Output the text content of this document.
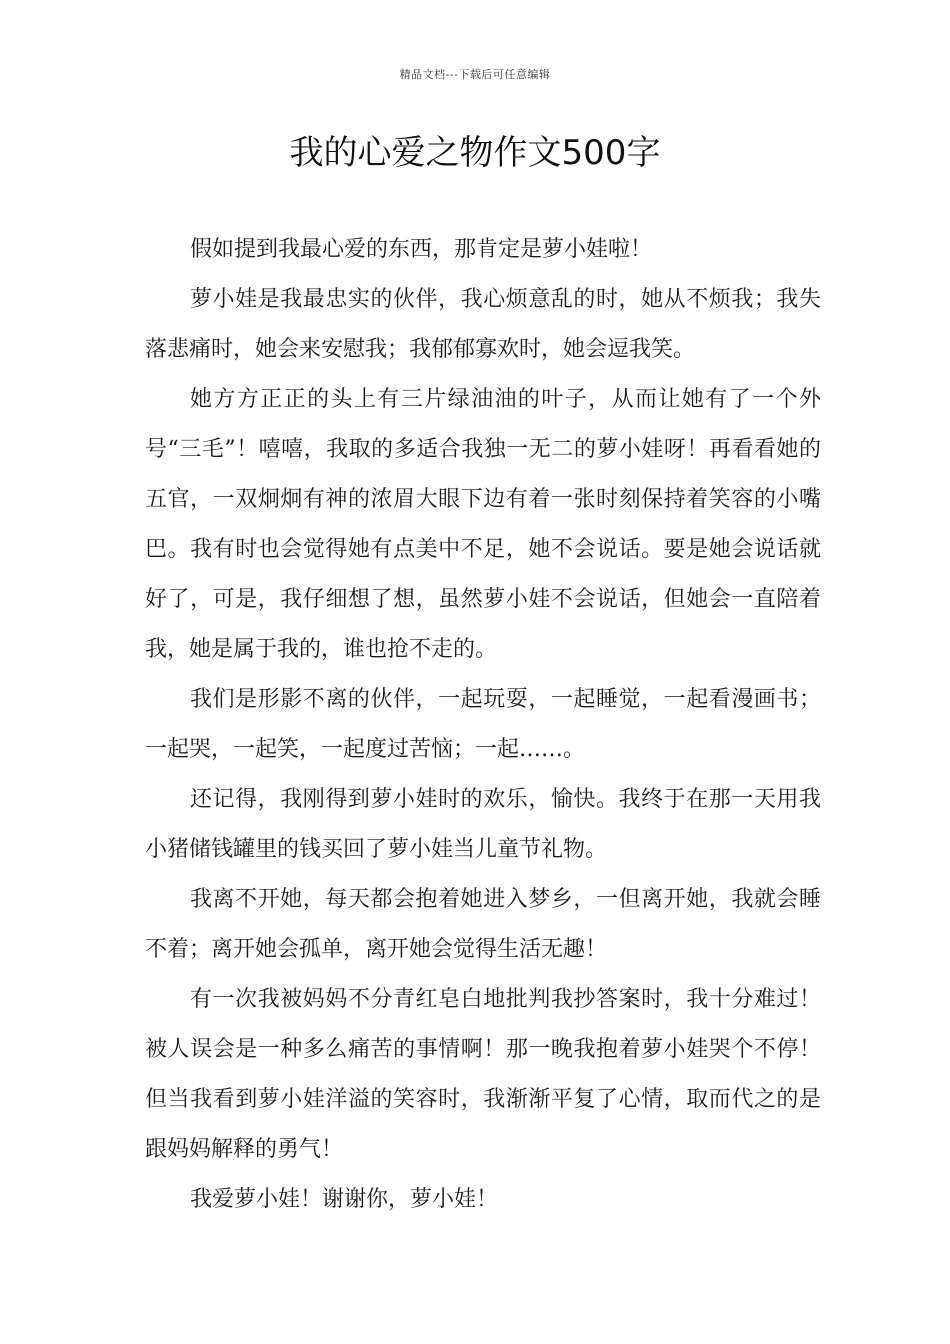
精品文档---下载后可任意编辑
我的心爱之物作文500字

假如提到我最心爱的东西，那肯定是萝小娃啦！

萝小娃是我最忠实的伙伴，我心烦意乱的时，她从不烦我；我失落悲痛时，她会来安慰我；我郁郁寡欢时，她会逗我笑。

她方方正正的头上有三片绿油油的叶子，从而让她有了一个外号“三毛”！嘻嘻，我取的多适合我独一无二的萝小娃呀！再看看她的五官，一双炯炯有神的浓眉大眼下边有着一张时刻保持着笑容的小嘴巴。我有时也会觉得她有点美中不足，她不会说话。要是她会说话就好了，可是，我仔细想了想，虽然萝小娃不会说话，但她会一直陪着我，她是属于我的，谁也抢不走的。

我们是形影不离的伙伴，一起玩耍，一起睡觉，一起看漫画书；一起哭，一起笑，一起度过苦恼；一起……。

还记得，我刚得到萝小娃时的欢乐，愉快。我终于在那一天用我小猪储钱罐里的钱买回了萝小娃当儿童节礼物。

我离不开她，每天都会抱着她进入梦乡，一但离开她，我就会睡不着；离开她会孤单，离开她会觉得生活无趣！

有一次我被妈妈不分青红皂白地批判我抄答案时，我十分难过！被人误会是一种多么痛苦的事情啊！那一晚我抱着萝小娃哭个不停！但当我看到萝小娃洋溢的笑容时，我渐渐平复了心情，取而代之的是跟妈妈解释的勇气！

我爱萝小娃！谢谢你，萝小娃！
